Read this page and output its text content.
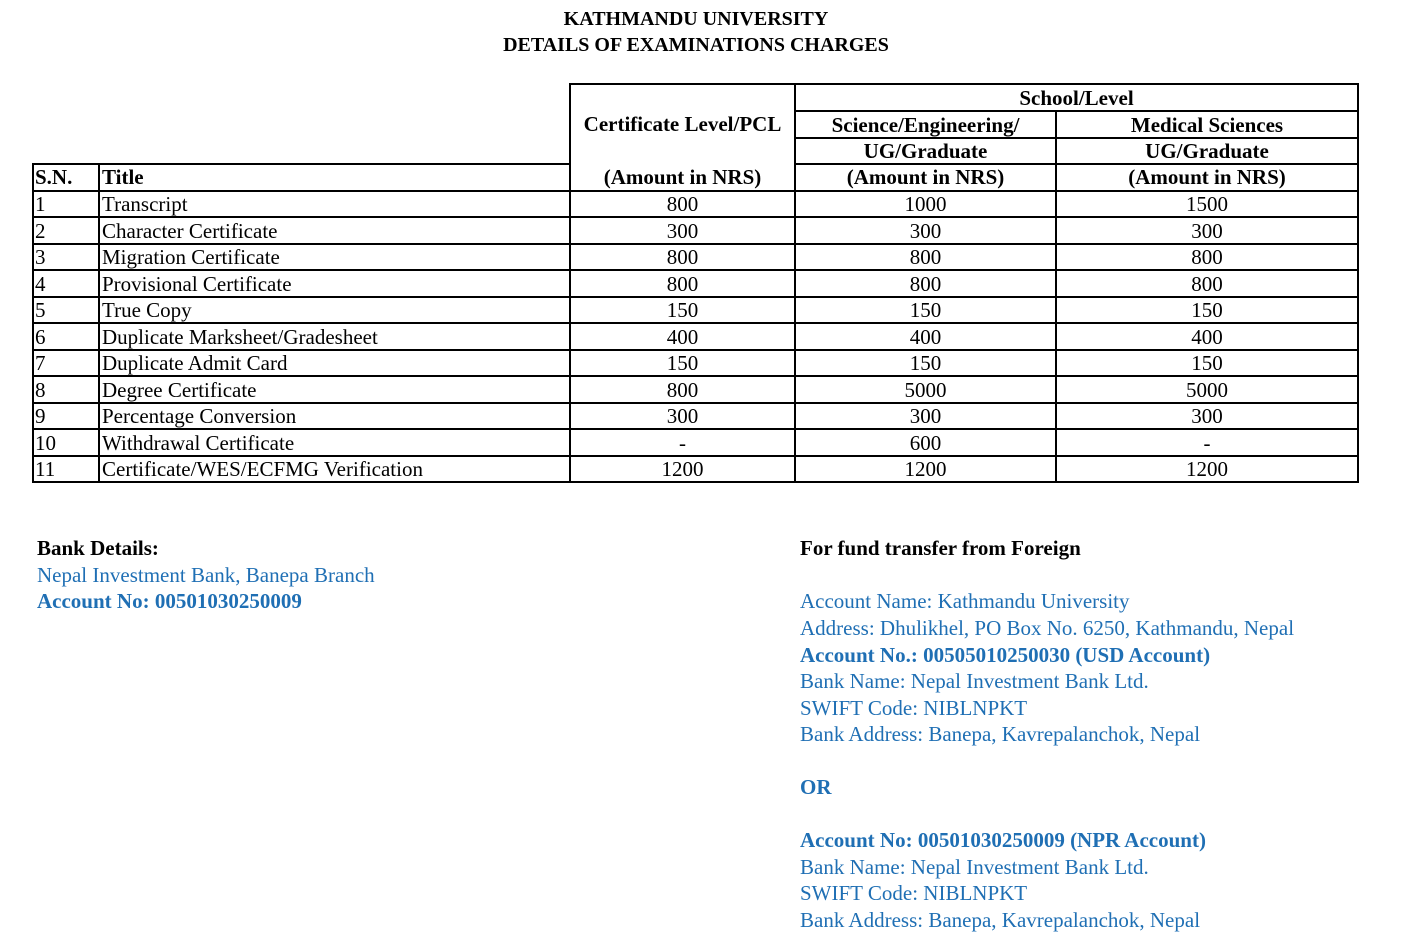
KATHMANDU UNIVERSITY
DETAILS OF EXAMINATIONS CHARGES
School/Level
Certificate Level/PCL	Science/Engineering/	Medical Sciences
UG/Graduate	UG/Graduate
S.N. Title	(Amount in NRS)	(Amount in NRS)	(Amount in NRS)
1	Transcript	800	1000	1500
2	Character Certificate	300	300	300
3	Migration Certificate	800	800	800
4	Provisional Certificate	800	800	800
5	True Copy	150	150	150
6	Duplicate Marksheet/Gradesheet	400	400	400
7	Duplicate Admit Card	150	150	150
8	Degree Certificate	800	5000	5000
9	Percentage Conversion	300	300	300
10	Withdrawal Certificate	-	600	-
11	Certificate/WES/ECFMG Verification	1200	1200	1200
Bank Details:
Nepal Investment Bank, Banepa Branch
Account No: 00501030250009
For fund transfer from Foreign
Account Name: Kathmandu University
Address: Dhulikhel, PO Box No. 6250, Kathmandu, Nepal
Account No.: 00505010250030 (USD Account)
Bank Name: Nepal Investment Bank Ltd.
SWIFT Code: NIBLNPKT
Bank Address: Banepa, Kavrepalanchok, Nepal
OR
Account No: 00501030250009 (NPR Account)
Bank Name: Nepal Investment Bank Ltd.
SWIFT Code: NIBLNPKT
Bank Address: Banepa, Kavrepalanchok, Nepal
